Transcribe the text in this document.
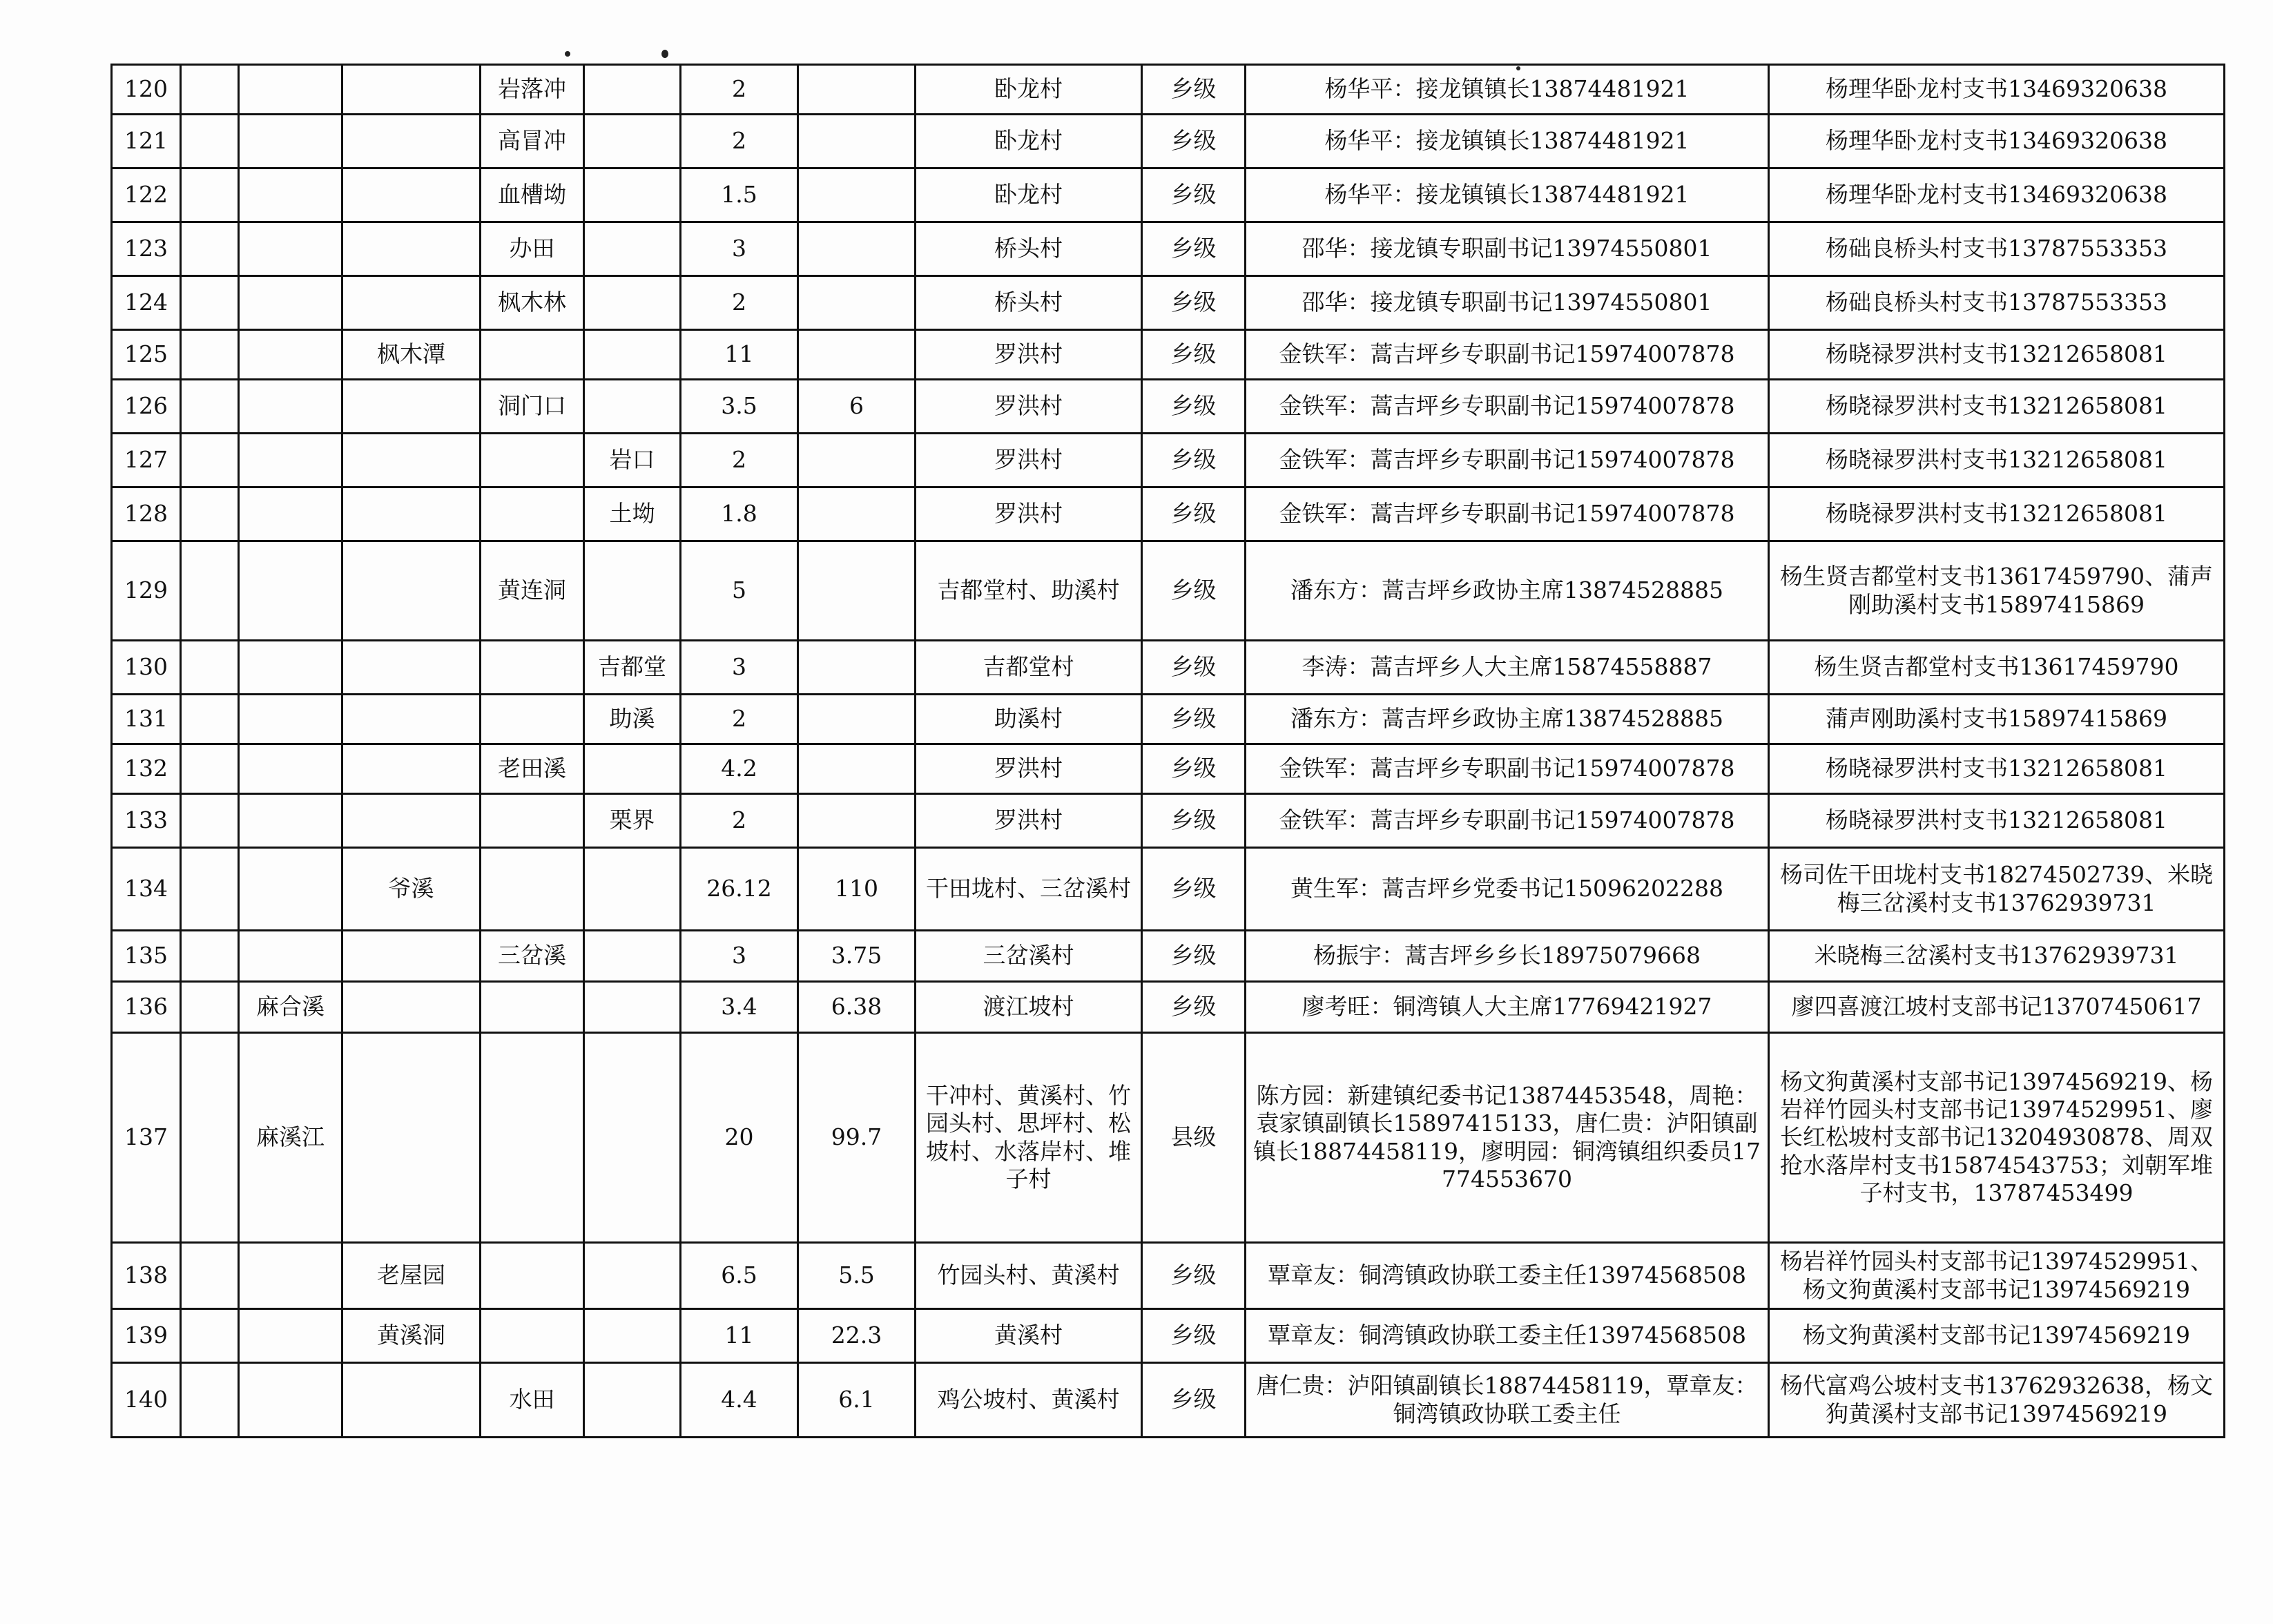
120				岩落冲		2		卧龙村	乡级	杨华平：接龙镇镇长13874481921	杨理华卧龙村支书13469320638
121				高冒冲		2		卧龙村	乡级	杨华平：接龙镇镇长13874481921	杨理华卧龙村支书13469320638
122				血槽坳		1.5		卧龙村	乡级	杨华平：接龙镇镇长13874481921	杨理华卧龙村支书13469320638
123				办田		3		桥头村	乡级	邵华：接龙镇专职副书记13974550801	杨础良桥头村支书13787553353
124				枫木林		2		桥头村	乡级	邵华：接龙镇专职副书记13974550801	杨础良桥头村支书13787553353
125			枫木潭			11		罗洪村	乡级	金铁军：蒿吉坪乡专职副书记15974007878	杨晓禄罗洪村支书13212658081
126				洞门口		3.5	6	罗洪村	乡级	金铁军：蒿吉坪乡专职副书记15974007878	杨晓禄罗洪村支书13212658081
127					岩口	2		罗洪村	乡级	金铁军：蒿吉坪乡专职副书记15974007878	杨晓禄罗洪村支书13212658081
128					土坳	1.8		罗洪村	乡级	金铁军：蒿吉坪乡专职副书记15974007878	杨晓禄罗洪村支书13212658081
129				黄连洞		5		吉都堂村、助溪村	乡级	潘东方：蒿吉坪乡政协主席13874528885	杨生贤吉都堂村支书13617459790、蒲声刚助溪村支书15897415869
130					吉都堂	3		吉都堂村	乡级	李涛：蒿吉坪乡人大主席15874558887	杨生贤吉都堂村支书13617459790
131					助溪	2		助溪村	乡级	潘东方：蒿吉坪乡政协主席13874528885	蒲声刚助溪村支书15897415869
132				老田溪		4.2		罗洪村	乡级	金铁军：蒿吉坪乡专职副书记15974007878	杨晓禄罗洪村支书13212658081
133					栗界	2		罗洪村	乡级	金铁军：蒿吉坪乡专职副书记15974007878	杨晓禄罗洪村支书13212658081
134			爷溪			26.12	110	干田垅村、三岔溪村	乡级	黄生军：蒿吉坪乡党委书记15096202288	杨司佐干田垅村支书18274502739、米晓梅三岔溪村支书13762939731
135				三岔溪		3	3.75	三岔溪村	乡级	杨振宇：蒿吉坪乡乡长18975079668	米晓梅三岔溪村支书13762939731
136		麻合溪				3.4	6.38	渡江坡村	乡级	廖考旺：铜湾镇人大主席17769421927	廖四喜渡江坡村支部书记13707450617
137		麻溪江				20	99.7	干冲村、黄溪村、竹园头村、思坪村、松坡村、水落岸村、堆子村	县级	陈方园：新建镇纪委书记13874453548，周艳：袁家镇副镇长15897415133，唐仁贵：泸阳镇副镇长18874458119，廖明园：铜湾镇组织委员17774553670	杨文狗黄溪村支部书记13974569219、杨岩祥竹园头村支部书记13974529951、廖长红松坡村支部书记13204930878、周双抢水落岸村支书15874543753；刘朝军堆子村支书，13787453499
138			老屋园			6.5	5.5	竹园头村、黄溪村	乡级	覃章友：铜湾镇政协联工委主任13974568508	杨岩祥竹园头村支部书记13974529951、杨文狗黄溪村支部书记13974569219
139			黄溪洞			11	22.3	黄溪村	乡级	覃章友：铜湾镇政协联工委主任13974568508	杨文狗黄溪村支部书记13974569219
140				水田		4.4	6.1	鸡公坡村、黄溪村	乡级	唐仁贵：泸阳镇副镇长18874458119，覃章友：铜湾镇政协联工委主任	杨代富鸡公坡村支书13762932638，杨文狗黄溪村支部书记13974569219
